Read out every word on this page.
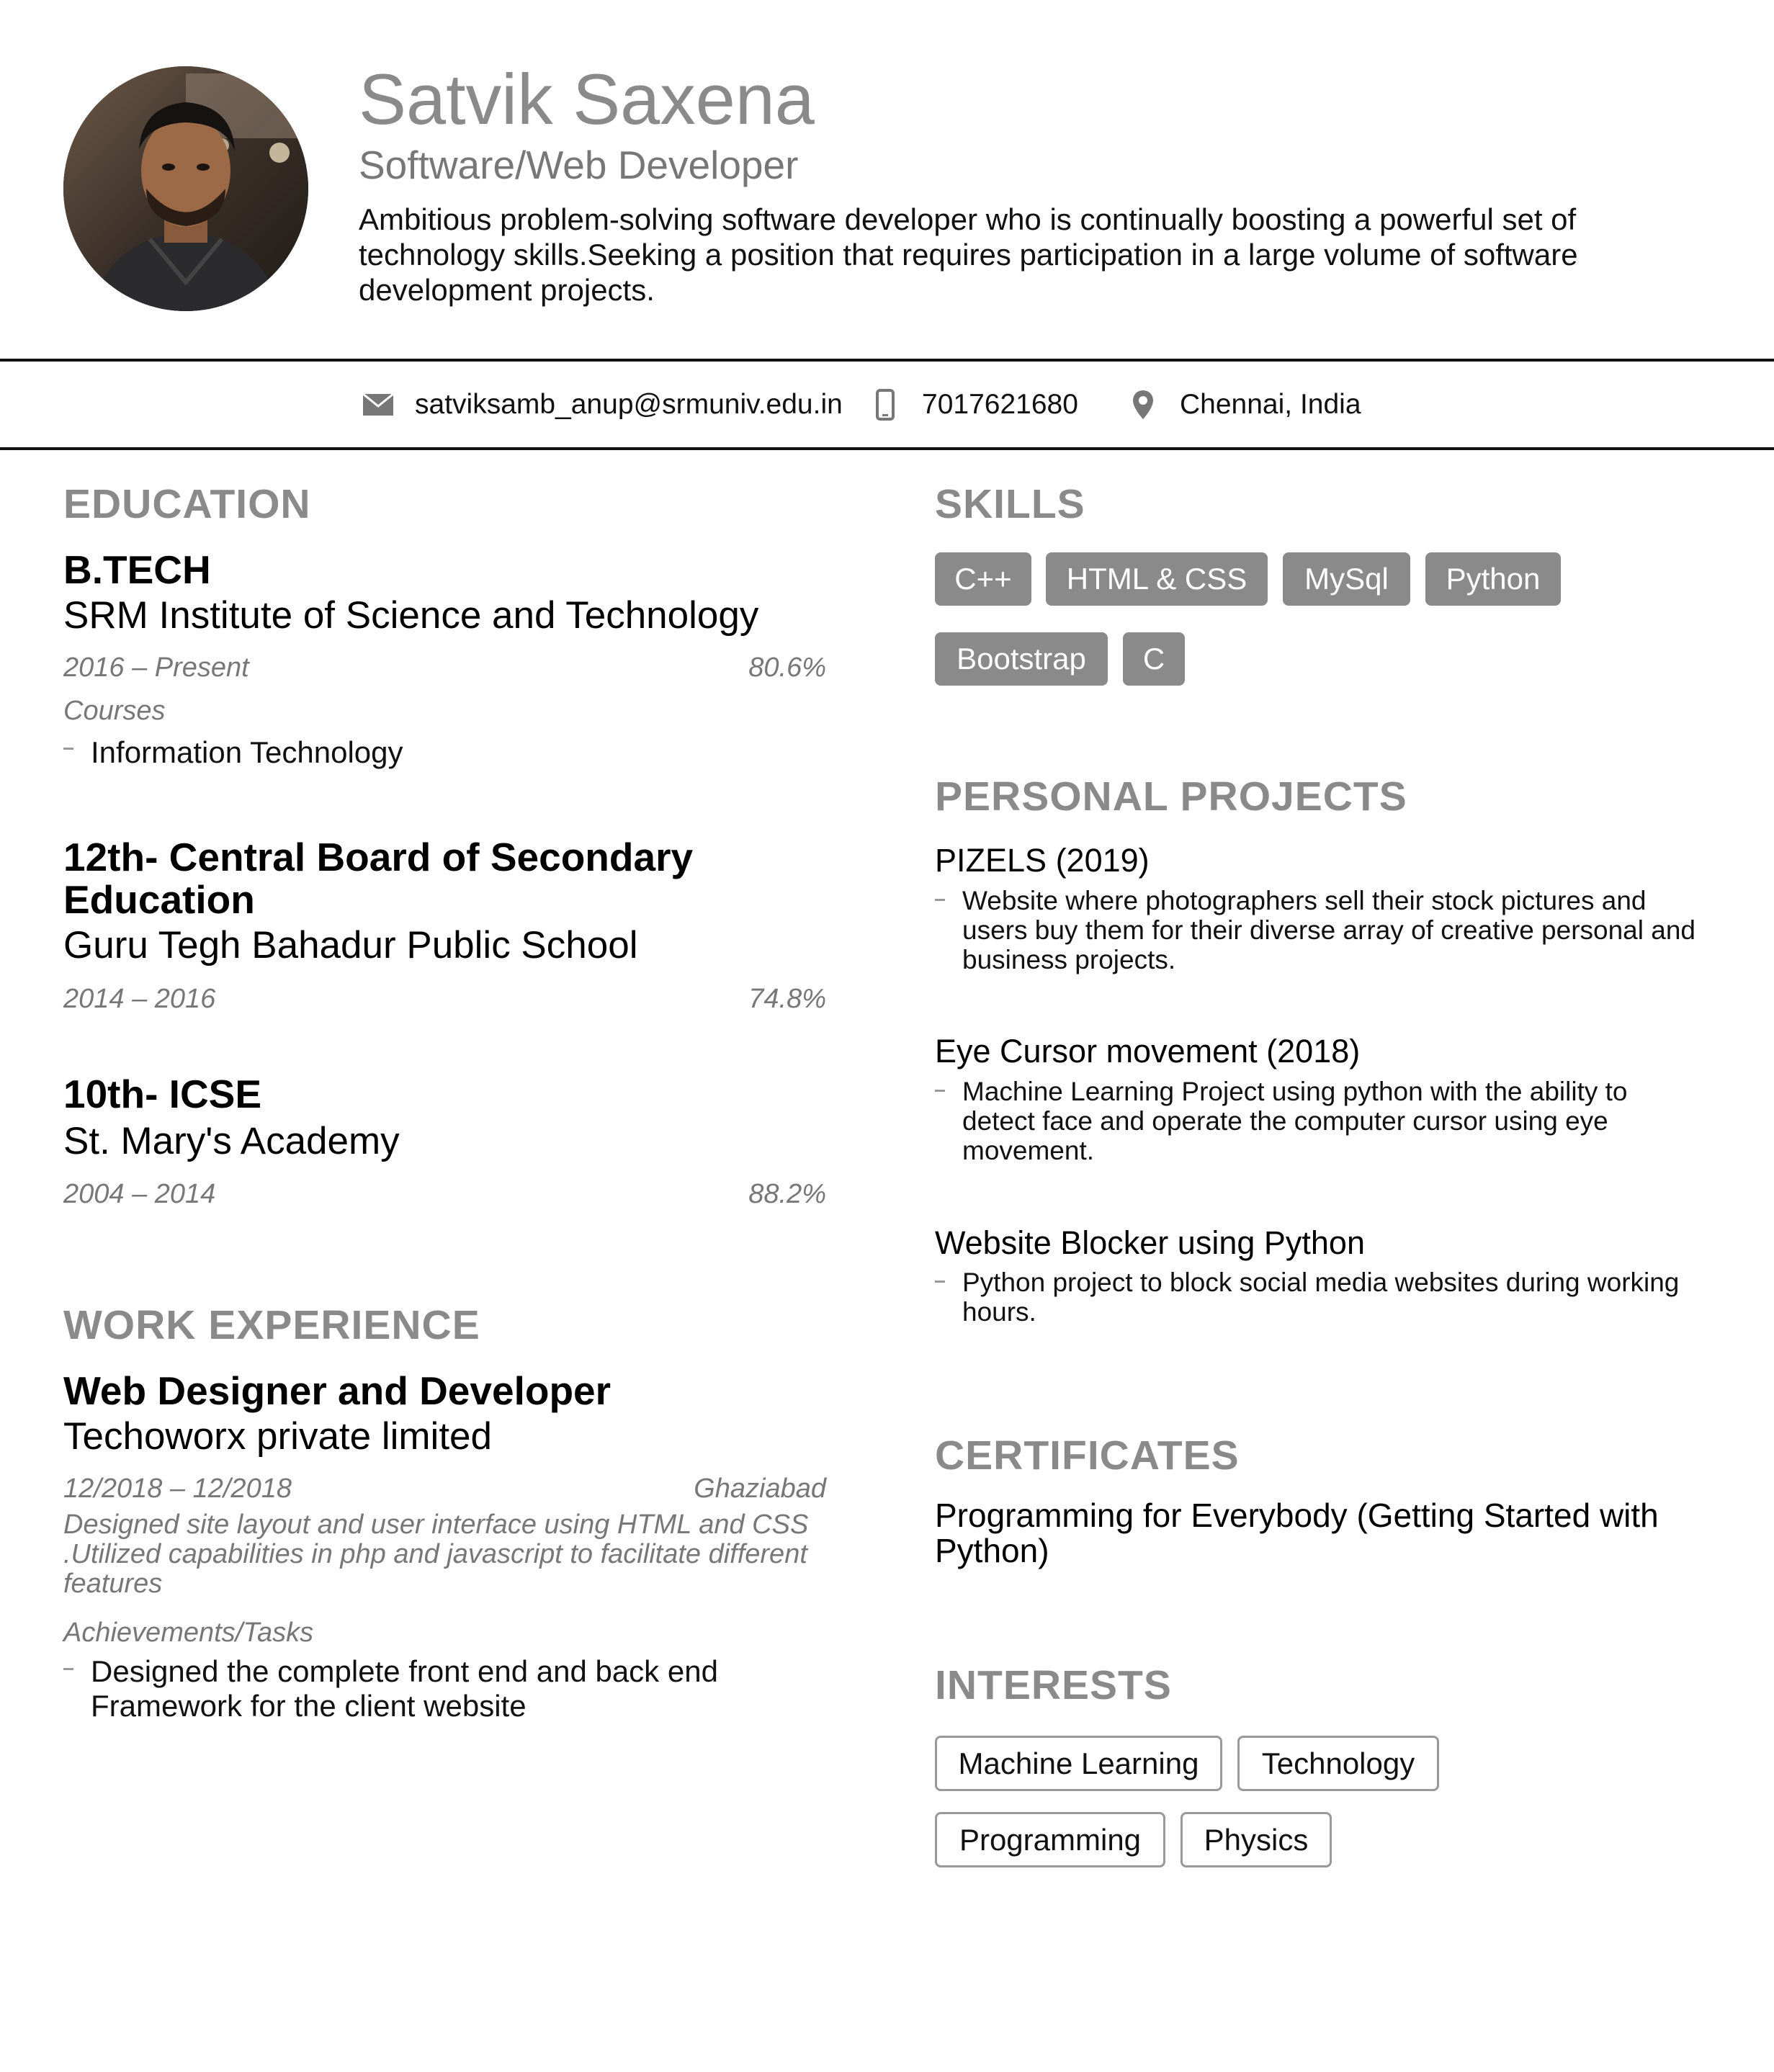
Satvik Saxena
Software/Web Developer

Ambitious problem-solving software developer who is continually boosting a powerful set of technology skills.Seeking a position that requires participation in a large volume of software development projects.

satviksamb_anup@srmuniv.edu.in	7017621680	Chennai, India
EDUCATION
B.TECH
SRM Institute of Science and Technology
2016 – Present	80.6%
Courses
Information Technology
12th- Central Board of Secondary Education
Guru Tegh Bahadur Public School
2014 – 2016	74.8%
10th- ICSE
St. Mary's Academy
2004 – 2014	88.2%
WORK EXPERIENCE
Web Designer and Developer
Techoworx private limited
12/2018 – 12/2018	Ghaziabad

Designed site layout and user interface using HTML and CSS .Utilized capabilities in php and javascript to facilitate different features

Achievements/Tasks
Designed the complete front end and back end Framework for the client website
SKILLS
C++	HTML & CSS	MySql	Python
Bootstrap	C
PERSONAL PROJECTS
PIZELS (2019)
Website where photographers sell their stock pictures and users buy them for their diverse array of creative personal and business projects.
Eye Cursor movement (2018)
Machine Learning Project using python with the ability to detect face and operate the computer cursor using eye movement.
Website Blocker using Python
Python project to block social media websites during working hours.
CERTIFICATES

Programming for Everybody (Getting Started with Python)

INTERESTS
Machine Learning	Technology
Programming	Physics
